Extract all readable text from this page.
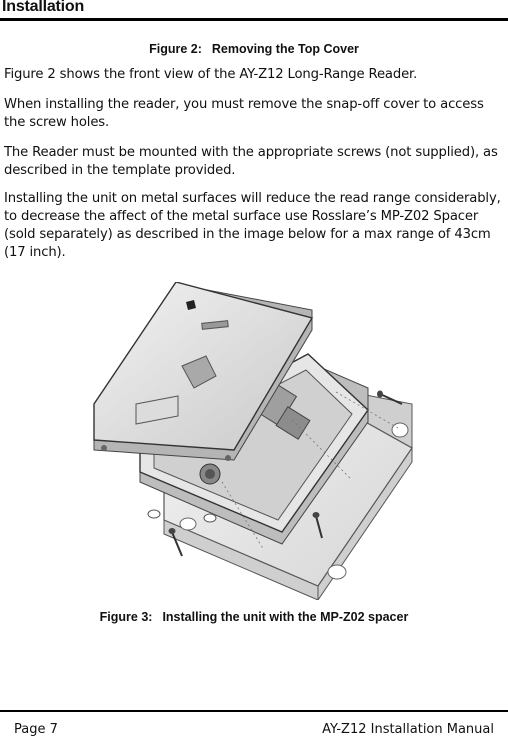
Installation
Figure 2: Removing the Top Cover
Figure 2 shows the front view of the AY-Z12 Long-Range Reader.
When installing the reader, you must remove the snap-off cover to access the screw holes.
The Reader must be mounted with the appropriate screws (not supplied), as described in the template provided.
Installing the unit on metal surfaces will reduce the read range considerably, to decrease the affect of the metal surface use Rosslare’s MP-Z02 Spacer (sold separately) as described in the image below for a max range of 43cm (17 inch).
Figure 3: Installing the unit with the MP-Z02 spacer
Page 7	AY-Z12 Installation Manual
